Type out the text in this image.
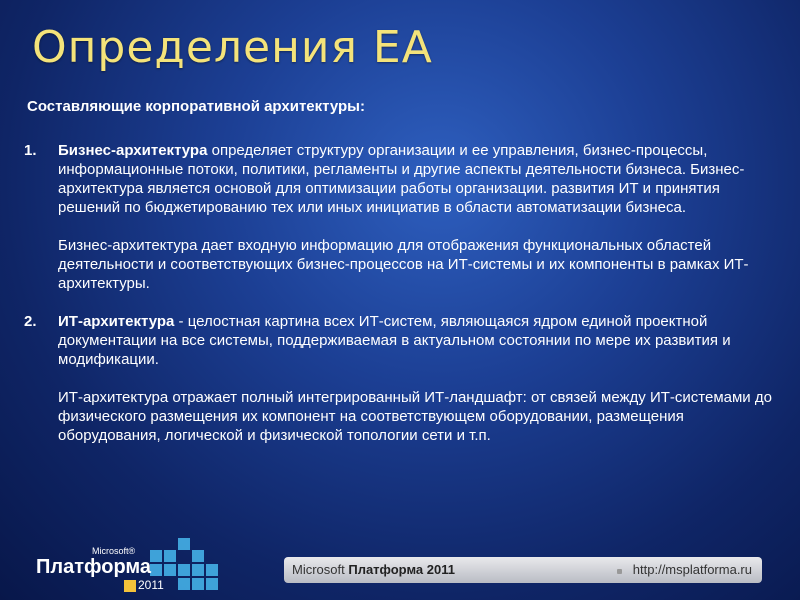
Определения EA
Составляющие корпоративной архитектуры:
1. Бизнес-архитектура определяет структуру организации и ее управления, бизнес-процессы, информационные потоки, политики, регламенты и другие аспекты деятельности бизнеса. Бизнес-архитектура является основой для оптимизации работы организации. развития ИТ и принятия решений по бюджетированию тех или иных инициатив в области автоматизации бизнеса.

Бизнес-архитектура дает входную информацию для отображения функциональных областей деятельности и соответствующих бизнес-процессов на ИТ-системы и их компоненты в рамках ИТ-архитектуры.

2. ИТ-архитектура - целостная картина всех ИТ-систем, являющаяся ядром единой проектной документации на все системы, поддерживаемая в актуальном состоянии по мере их развития и модификации.

ИТ-архитектура отражает полный интегрированный ИТ-ландшафт: от связей между ИТ-системами до физического размещения их компонент на соответствующем оборудовании, размещения оборудования, логической и физической топологии сети и т.п.

Microsoft®
Платформа
2011
Microsoft Платформа 2011	http://msplatforma.ru
